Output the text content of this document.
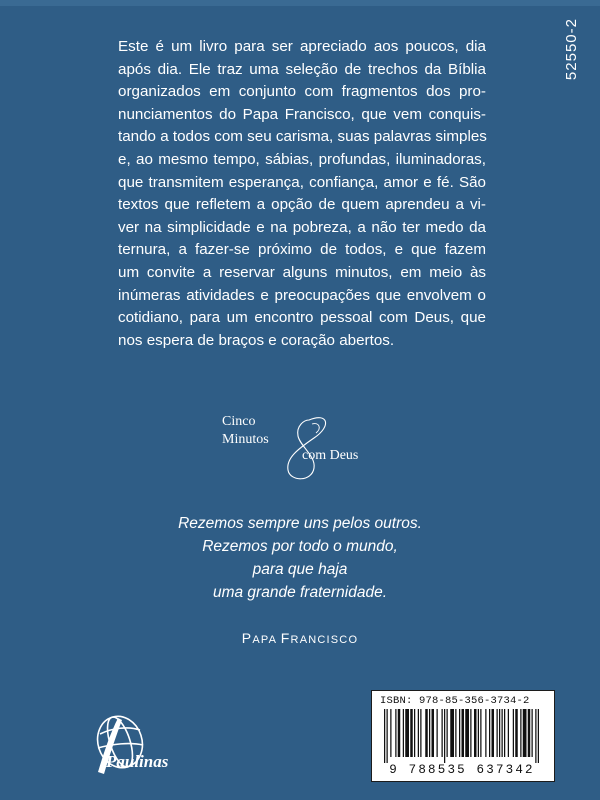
52550-2
Este é um livro para ser apreciado aos poucos, dia
após dia. Ele traz uma seleção de trechos da Bíblia
organizados em conjunto com fragmentos dos pro-
nunciamentos do Papa Francisco, que vem conquis-
tando a todos com seu carisma, suas palavras simples
e, ao mesmo tempo, sábias, profundas, iluminadoras,
que transmitem esperança, confiança, amor e fé. São
textos que refletem a opção de quem aprendeu a vi-
ver na simplicidade e na pobreza, a não ter medo da
ternura, a fazer-se próximo de todos, e que fazem
um convite a reservar alguns minutos, em meio às
inúmeras atividades e preocupações que envolvem o
cotidiano, para um encontro pessoal com Deus, que
nos espera de braços e coração abertos.
Cinco
Minutos
com Deus
Rezemos sempre uns pelos outros.
Rezemos por todo o mundo,
para que haja
uma grande fraternidade.
PAPA FRANCISCO
Paulinas
ISBN: 978-85-356-3734-2
9 788535 637342
